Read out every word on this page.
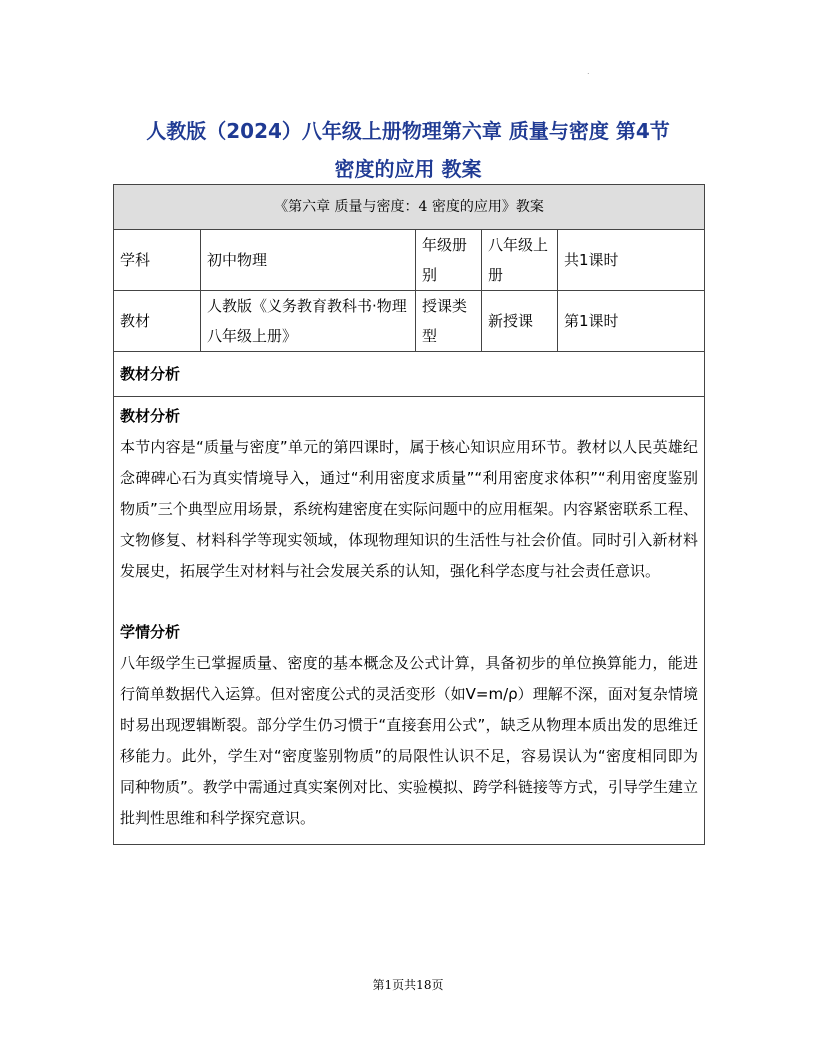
.
人教版（2024）八年级上册物理第六章 质量与密度 第4节
密度的应用 教案
《第六章 质量与密度：4 密度的应用》教案				
学科	初中物理	年级册别	八年级上册	共1课时
教材	人教版《义务教育教科书·物理八年级上册》	授课类型	新授课	第1课时
教材分析				

教材分析

本节内容是“质量与密度”单元的第四课时，属于核心知识应用环节。教材以人民英雄纪念碑碑心石为真实情境导入，通过“利用密度求质量”“利用密度求体积”“利用密度鉴别物质”三个典型应用场景，系统构建密度在实际问题中的应用框架。内容紧密联系工程、文物修复、材料科学等现实领域，体现物理知识的生活性与社会价值。同时引入新材料发展史，拓展学生对材料与社会发展关系的认知，强化科学态度与社会责任意识。

学情分析

八年级学生已掌握质量、密度的基本概念及公式计算，具备初步的单位换算能力，能进行简单数据代入运算。但对密度公式的灵活变形（如V=m/ρ）理解不深，面对复杂情境时易出现逻辑断裂。部分学生仍习惯于“直接套用公式”，缺乏从物理本质出发的思维迁移能力。此外，学生对“密度鉴别物质”的局限性认识不足，容易误认为“密度相同即为同种物质”。教学中需通过真实案例对比、实验模拟、跨学科链接等方式，引导学生建立批判性思维和科学探究意识。				

第1页共18页
